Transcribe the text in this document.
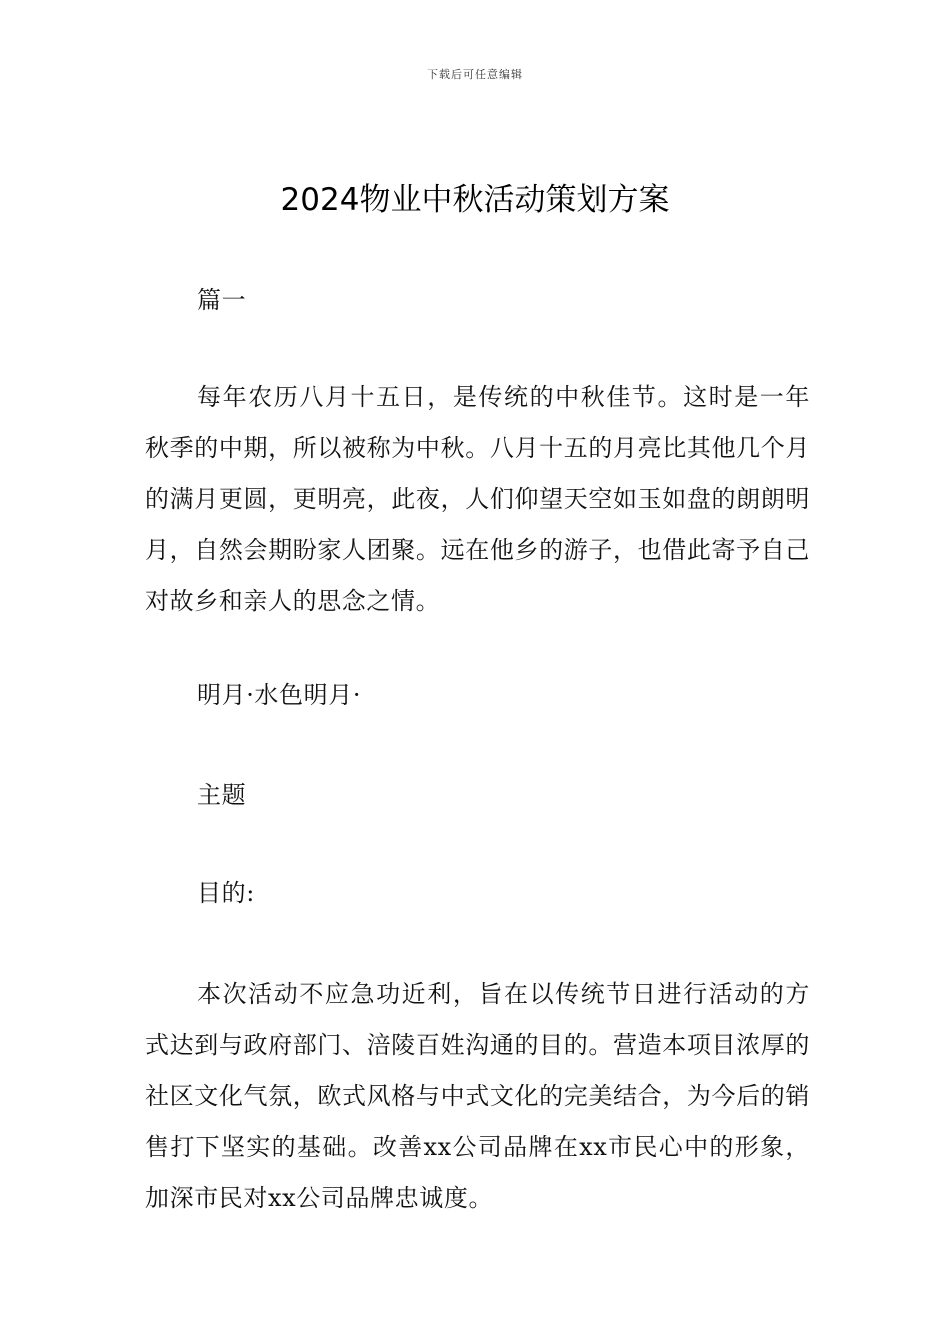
下载后可任意编辑
2024物业中秋活动策划方案

篇一

每年农历八月十五日，是传统的中秋佳节。这时是一年秋季的中期，所以被称为中秋。八月十五的月亮比其他几个月的满月更圆，更明亮，此夜，人们仰望天空如玉如盘的朗朗明月，自然会期盼家人团聚。远在他乡的游子，也借此寄予自己对故乡和亲人的思念之情。

明月·水色明月·

主题

目的:

本次活动不应急功近利，旨在以传统节日进行活动的方式达到与政府部门、涪陵百姓沟通的目的。营造本项目浓厚的社区文化气氛，欧式风格与中式文化的完美结合，为今后的销售打下坚实的基础。改善xx公司品牌在xx市民心中的形象，加深市民对xx公司品牌忠诚度。
